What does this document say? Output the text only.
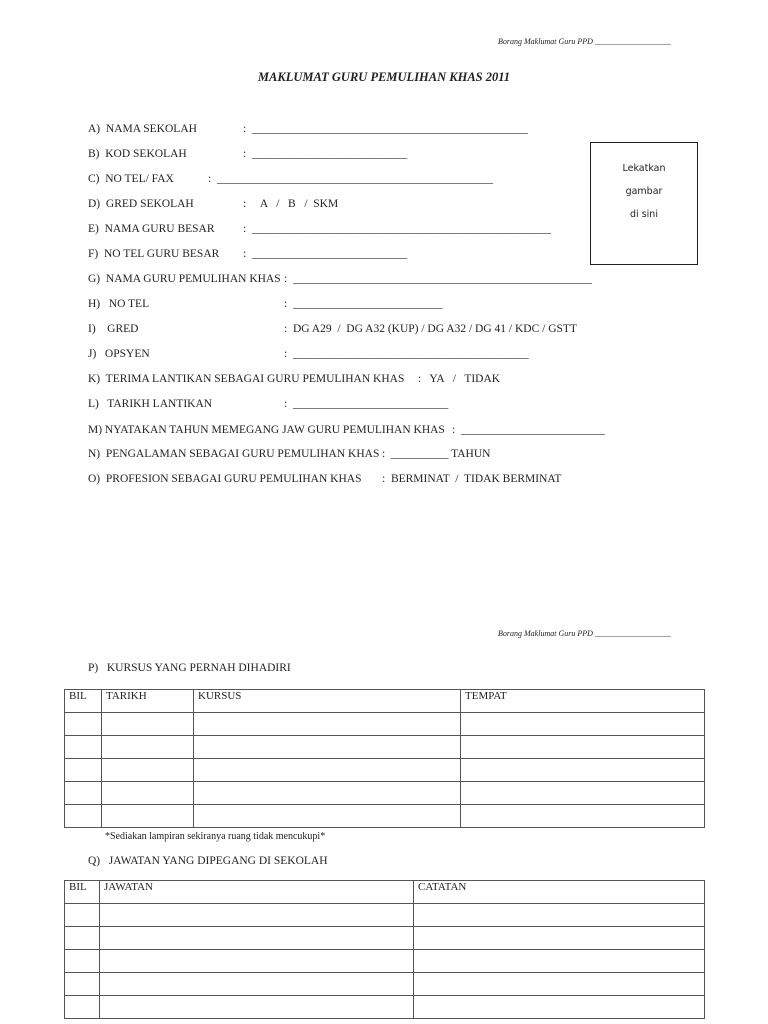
Borang Maklumat Guru PPD ___________________
MAKLUMAT GURU PEMULIHAN KHAS 2011

A)  NAMA SEKOLAH

	:  ________________________________________________

B)  KOD SEKOLAH

	:  ___________________________

C)  NO TEL/ FAX

	:  ________________________________________________

D)  GRED SEKOLAH

	:     A   /   B   /  SKM

E)  NAMA GURU BESAR

:  ____________________________________________________

F)  NO TEL GURU BESAR

:  ___________________________

G)  NAMA GURU PEMULIHAN KHAS

:  ____________________________________________________

H)   NO TEL

	:  __________________________

I)    GRED

	:  DG A29  /  DG A32 (KUP) / DG A32 / DG 41 / KDC / GSTT

J)   OPSYEN

	:  _________________________________________

K)  TERIMA LANTIKAN SEBAGAI GURU PEMULIHAN KHAS

:   YA   /   TIDAK

L)   TARIKH LANTIKAN

	:  ___________________________

M) NYATAKAN TAHUN MEMEGANG JAW GURU PEMULIHAN KHAS

:  _________________________

N)  PENGALAMAN SEBAGAI GURU PEMULIHAN KHAS

:  __________ TAHUN

O)  PROFESION SEBAGAI GURU PEMULIHAN KHAS

:  BERMINAT  /  TIDAK BERMINAT

Lekatkan
gambar
di sini
Borang Maklumat Guru PPD ___________________
P)   KURSUS YANG PERNAH DIHADIRI
BIL	TARIKH	KURSUS	TEMPAT

*Sediakan lampiran sekiranya ruang tidak mencukupi*
Q)   JAWATAN YANG DIPEGANG DI SEKOLAH
BIL	JAWATAN	CATATAN
